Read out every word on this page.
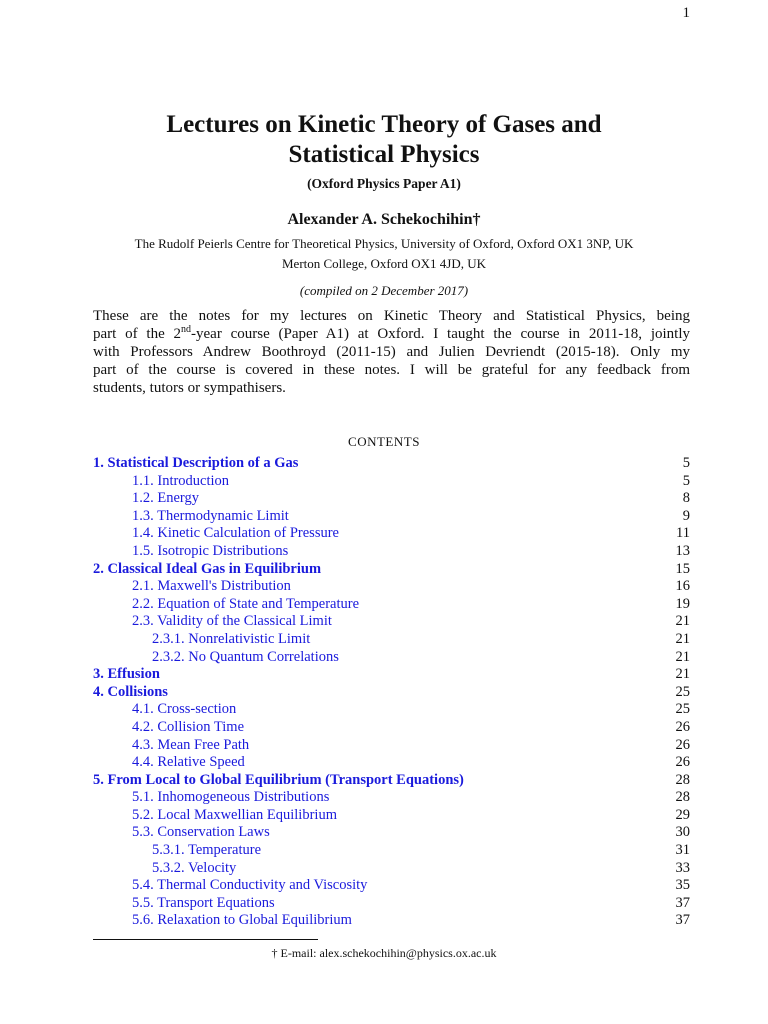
1
Lectures on Kinetic Theory of Gases and
Statistical Physics
(Oxford Physics Paper A1)
Alexander A. Schekochihin†
The Rudolf Peierls Centre for Theoretical Physics, University of Oxford, Oxford OX1 3NP, UK
Merton College, Oxford OX1 4JD, UK
(compiled on 2 December 2017)
These are the notes for my lectures on Kinetic Theory and Statistical Physics, being
part of the 2nd-year course (Paper A1) at Oxford. I taught the course in 2011-18, jointly
with Professors Andrew Boothroyd (2011-15) and Julien Devriendt (2015-18). Only my
part of the course is covered in these notes. I will be grateful for any feedback from
students, tutors or sympathisers.
CONTENTS
1. Statistical Description of a Gas	5
1.1. Introduction	5
1.2. Energy	8
1.3. Thermodynamic Limit	9
1.4. Kinetic Calculation of Pressure	11
1.5. Isotropic Distributions	13
2. Classical Ideal Gas in Equilibrium	15
2.1. Maxwell's Distribution	16
2.2. Equation of State and Temperature	19
2.3. Validity of the Classical Limit	21
2.3.1. Nonrelativistic Limit	21
2.3.2. No Quantum Correlations	21
3. Effusion	21
4. Collisions	25
4.1. Cross-section	25
4.2. Collision Time	26
4.3. Mean Free Path	26
4.4. Relative Speed	26
5. From Local to Global Equilibrium (Transport Equations)	28
5.1. Inhomogeneous Distributions	28
5.2. Local Maxwellian Equilibrium	29
5.3. Conservation Laws	30
5.3.1. Temperature	31
5.3.2. Velocity	33
5.4. Thermal Conductivity and Viscosity	35
5.5. Transport Equations	37
5.6. Relaxation to Global Equilibrium	37
† E-mail: alex.schekochihin@physics.ox.ac.uk
